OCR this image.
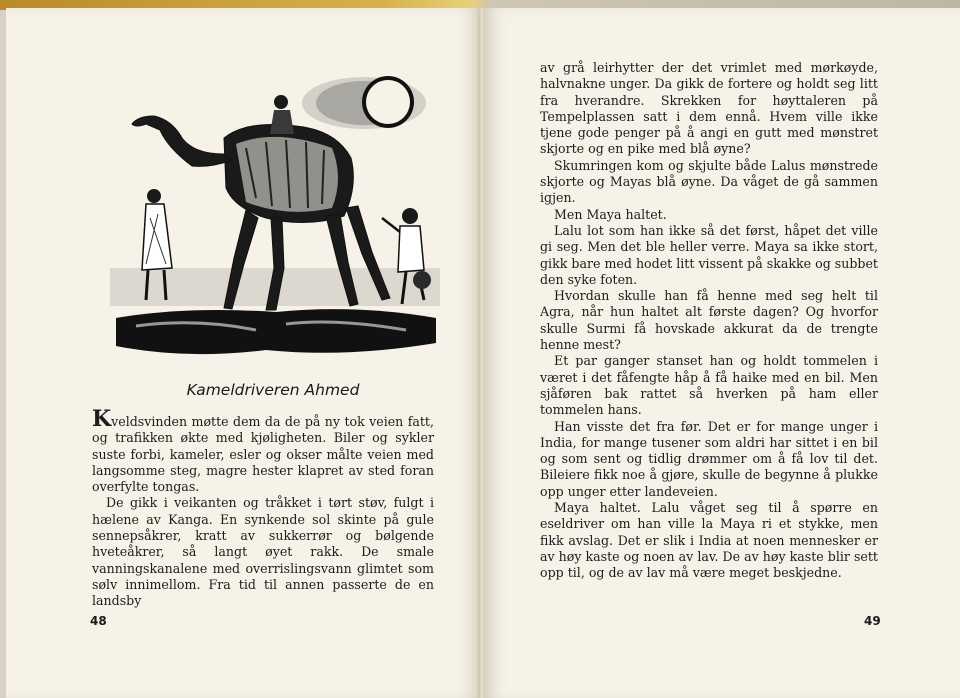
Kameldriveren Ahmed

Kveldsvinden møtte dem da de på ny tok veien fatt, og trafikken økte med kjøligheten. Biler og sykler suste forbi, kameler, esler og okser målte veien med langsomme steg, magre hester klapret av sted foran overfylte tongas.

De gikk i veikanten og tråkket i tørt støv, fulgt i hælene av Kanga. En synkende sol skinte på gule sennepsåkrer, kratt av sukkerrør og bølgende hveteåkrer, så langt øyet rakk. De smale vanningskanalene med overrislingsvann glimtet som sølv innimellom. Fra tid til annen passerte de en landsby

48

av grå leirhytter der det vrimlet med mørkøyde, halvnakne unger. Da gikk de fortere og holdt seg litt fra hverandre. Skrekken for høyttaleren på Tempelplassen satt i dem ennå. Hvem ville ikke tjene gode penger på å angi en gutt med mønstret skjorte og en pike med blå øyne?

Skumringen kom og skjulte både Lalus mønstrede skjorte og Mayas blå øyne. Da våget de gå sammen igjen.

Men Maya haltet.

Lalu lot som han ikke så det først, håpet det ville gi seg. Men det ble heller verre. Maya sa ikke stort, gikk bare med hodet litt vissent på skakke og subbet den syke foten.

Hvordan skulle han få henne med seg helt til Agra, når hun haltet alt første dagen? Og hvorfor skulle Surmi få hovskade akkurat da de trengte henne mest?

Et par ganger stanset han og holdt tommelen i været i det fåfengte håp å få haike med en bil. Men sjåføren bak rattet så hverken på ham eller tommelen hans.

Han visste det fra før. Det er for mange unger i India, for mange tusener som aldri har sittet i en bil og som sent og tidlig drømmer om å få lov til det. Bileiere fikk noe å gjøre, skulle de begynne å plukke opp unger etter landeveien.

Maya haltet. Lalu våget seg til å spørre en eseldriver om han ville la Maya ri et stykke, men fikk avslag. Det er slik i India at noen mennesker er av høy kaste og noen av lav. De av høy kaste blir sett opp til, og de av lav må være meget beskjedne.

49
